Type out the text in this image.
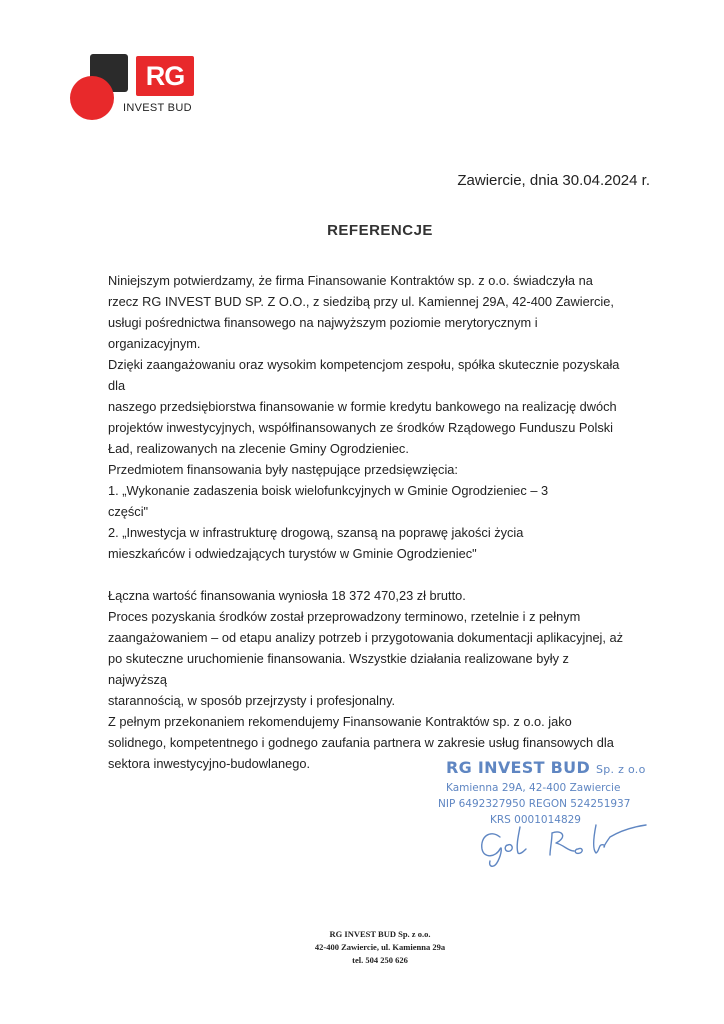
RG
INVEST BUD
Zawiercie, dnia 30.04.2024 r.
REFERENCJE

Niniejszym potwierdzamy, że firma Finansowanie Kontraktów sp. z o.o. świadczyła na

rzecz RG INVEST BUD SP. Z O.O., z siedzibą przy ul. Kamiennej 29A, 42-400 Zawiercie,

usługi pośrednictwa finansowego na najwyższym poziomie merytorycznym i

organizacyjnym.

Dzięki zaangażowaniu oraz wysokim kompetencjom zespołu, spółka skutecznie pozyskała dla

naszego przedsiębiorstwa finansowanie w formie kredytu bankowego na realizację dwóch

projektów inwestycyjnych, współfinansowanych ze środków Rządowego Funduszu Polski

Ład, realizowanych na zlecenie Gminy Ogrodzieniec.

Przedmiotem finansowania były następujące przedsięwzięcia:

1. „Wykonanie zadaszenia boisk wielofunkcyjnych w Gminie Ogrodzieniec – 3

części"

2. „Inwestycja w infrastrukturę drogową, szansą na poprawę jakości życia

mieszkańców i odwiedzających turystów w Gminie Ogrodzieniec"

Łączna wartość finansowania wyniosła 18 372 470,23 zł brutto.

Proces pozyskania środków został przeprowadzony terminowo, rzetelnie i z pełnym

zaangażowaniem – od etapu analizy potrzeb i przygotowania dokumentacji aplikacyjnej, aż

po skuteczne uruchomienie finansowania. Wszystkie działania realizowane były z najwyższą

starannością, w sposób przejrzysty i profesjonalny.

Z pełnym przekonaniem rekomendujemy Finansowanie Kontraktów sp. z o.o. jako

solidnego, kompetentnego i godnego zaufania partnera w zakresie usług finansowych dla

sektora inwestycyjno-budowlanego.	RG INVEST BUD Sp. z o.o
Kamienna 29A, 42-400 Zawiercie
NIP 6492327950 REGON 524251937
KRS 0001014829
RG INVEST BUD Sp. z o.o.
42-400 Zawiercie, ul. Kamienna 29a
tel. 504 250 626
